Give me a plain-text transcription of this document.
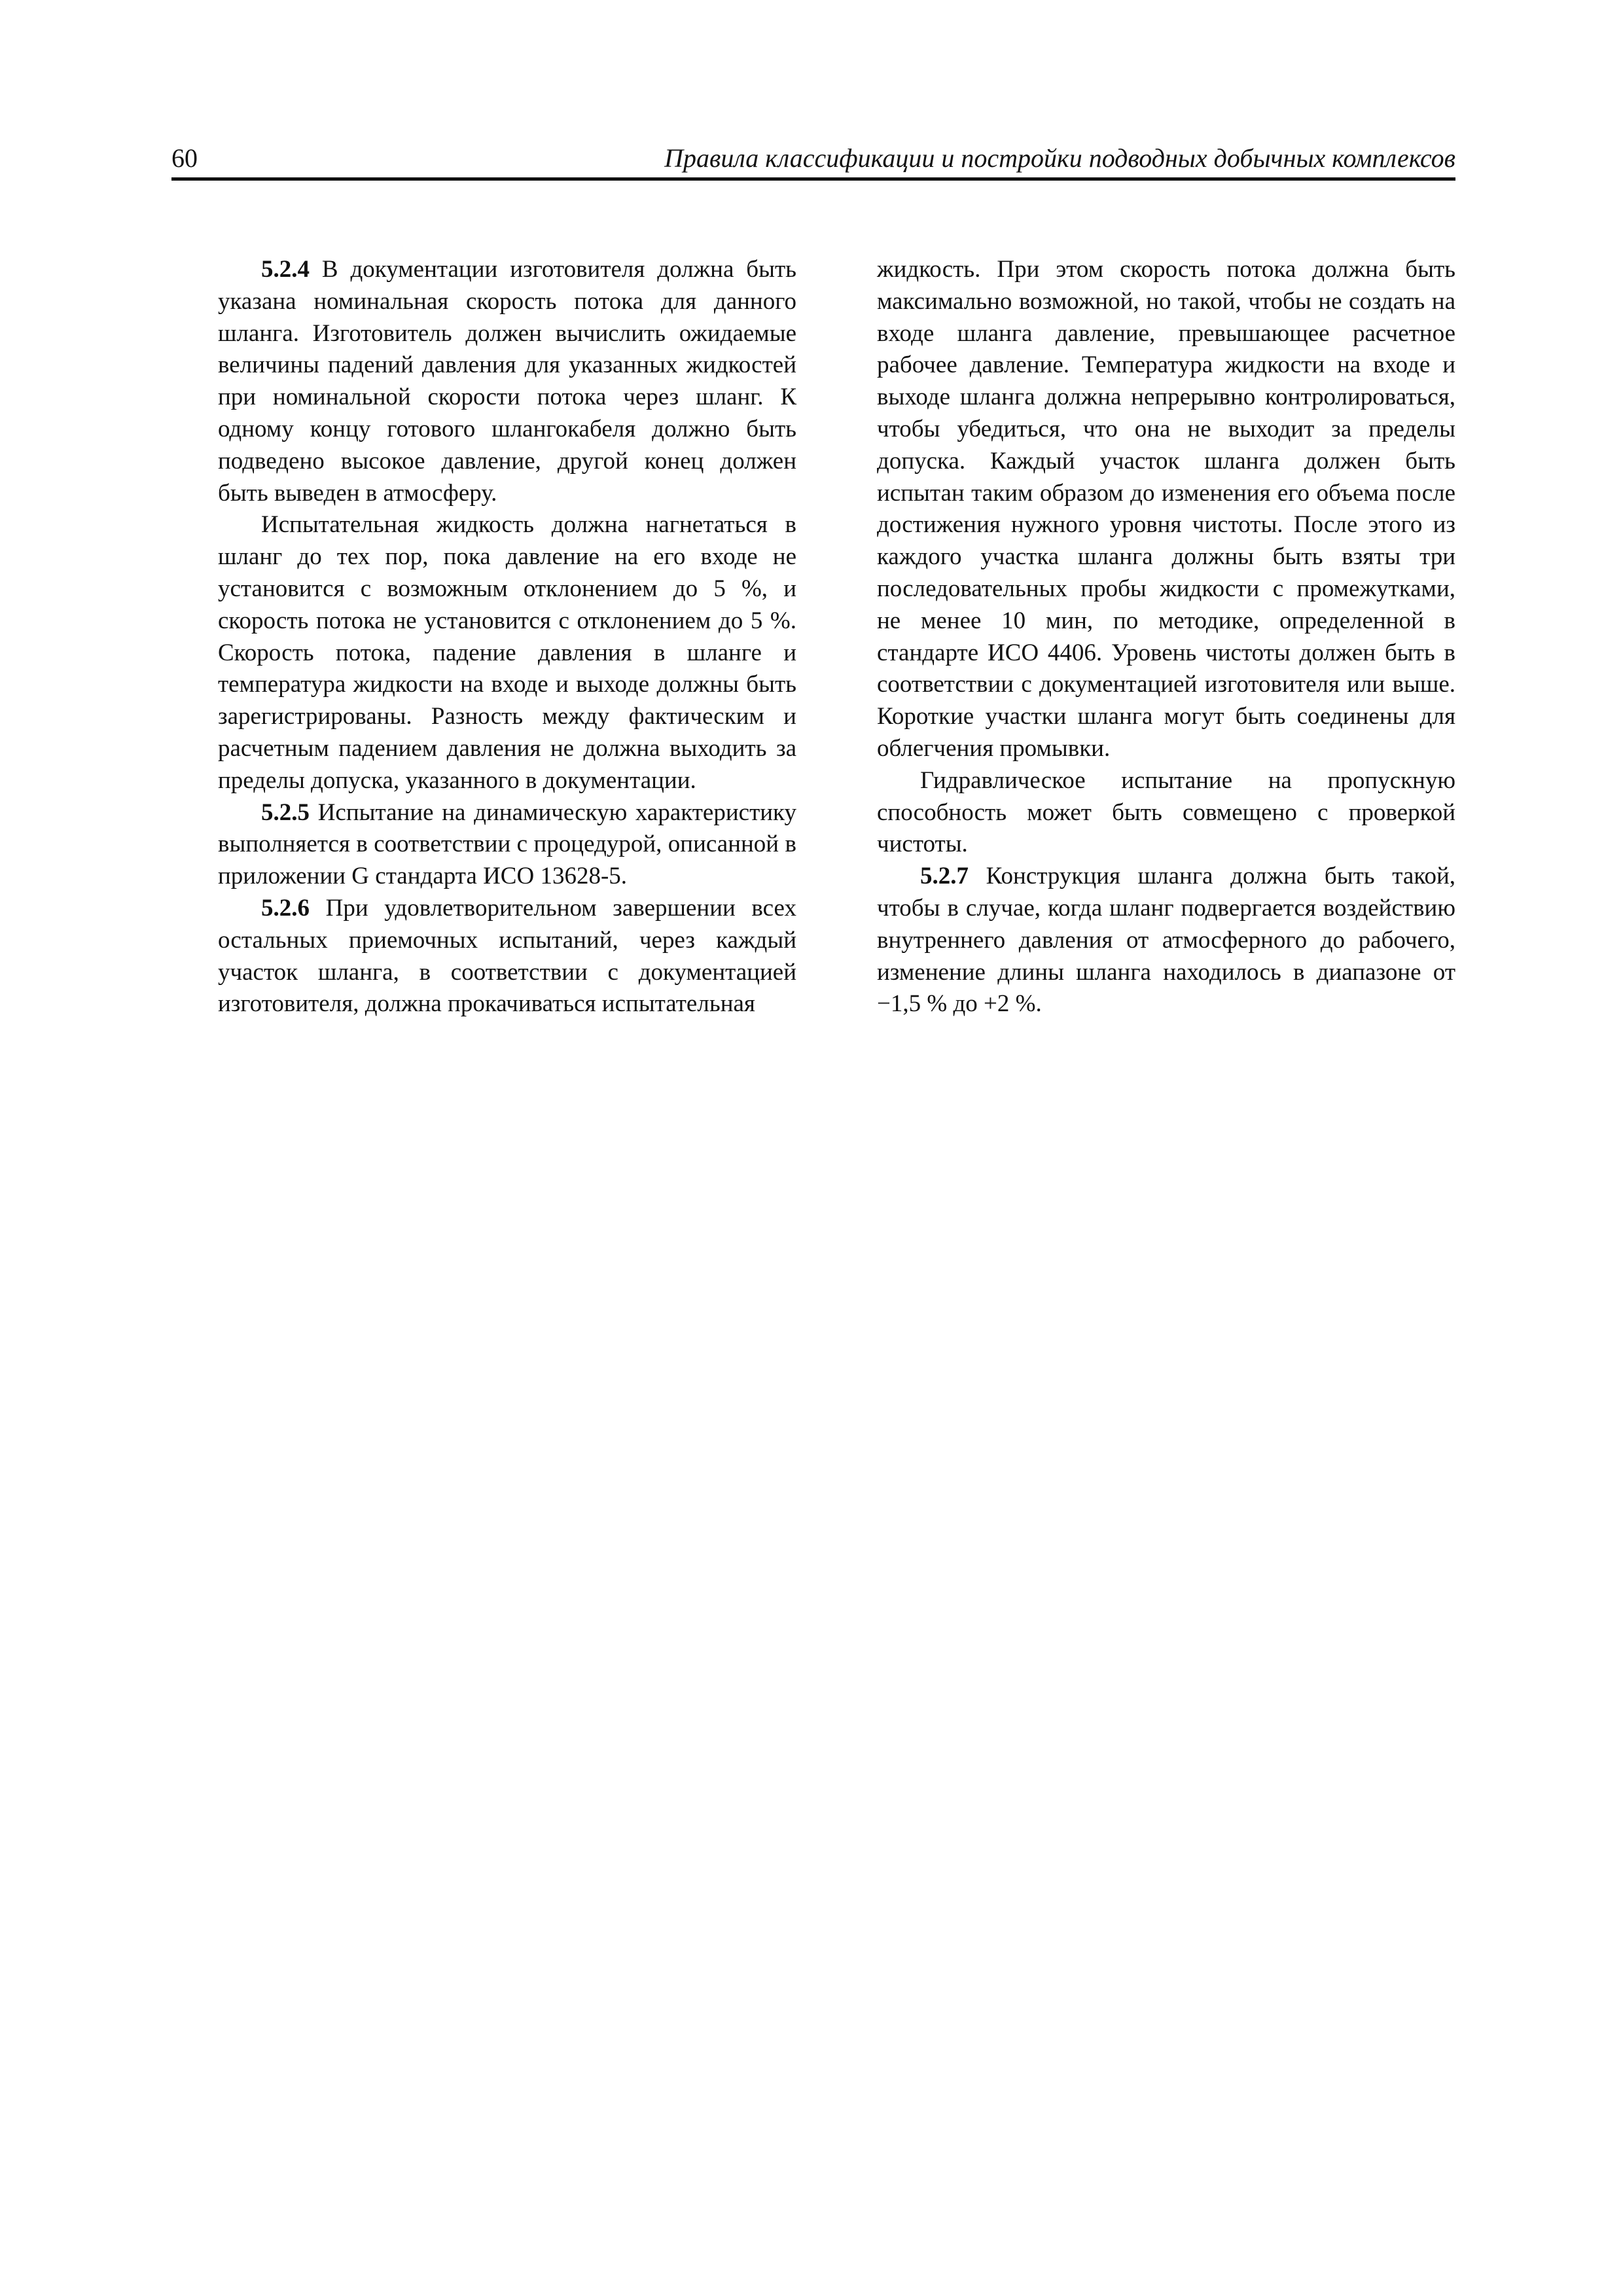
60	Правила классификации и постройки подводных добычных комплексов

5.2.4 В документации изготовителя должна быть указана номинальная скорость потока для данного шланга. Изготовитель должен вычислить ожидаемые величины падений давления для указанных жидкостей при номинальной скорости потока через шланг. К одному концу готового шлангокабеля должно быть подведено высокое давление, другой конец должен быть выведен в атмосферу.

Испытательная жидкость должна нагнетаться в шланг до тех пор, пока давление на его входе не установится с возможным отклонением до 5 %, и скорость потока не установится с отклонением до 5 %. Скорость потока, падение давления в шланге и температура жидкости на входе и выходе должны быть зарегистрированы. Разность между фактическим и расчетным падением давления не должна выходить за пределы допуска, указанного в документации.

5.2.5 Испытание на динамическую характеристику выполняется в соответствии с процедурой, описанной в приложении G стандарта ИСО 13628-5.

5.2.6 При удовлетворительном завершении всех остальных приемочных испытаний, через каждый участок шланга, в соответствии с документацией изготовителя, должна прокачиваться испытательная

жидкость. При этом скорость потока должна быть максимально возможной, но такой, чтобы не создать на входе шланга давление, превышающее расчетное рабочее давление. Температура жидкости на входе и выходе шланга должна непрерывно контролироваться, чтобы убедиться, что она не выходит за пределы допуска. Каждый участок шланга должен быть испытан таким образом до изменения его объема после достижения нужного уровня чистоты. После этого из каждого участка шланга должны быть взяты три последовательных пробы жидкости с промежутками, не менее 10 мин, по методике, определенной в стандарте ИСО 4406. Уровень чистоты должен быть в соответствии с документацией изготовителя или выше. Короткие участки шланга могут быть соединены для облегчения промывки.

Гидравлическое испытание на пропускную способность может быть совмещено с проверкой чистоты.

5.2.7 Конструкция шланга должна быть такой, чтобы в случае, когда шланг подвергается воздействию внутреннего давления от атмосферного до рабочего, изменение длины шланга находилось в диапазоне от −1,5 % до +2 %.
